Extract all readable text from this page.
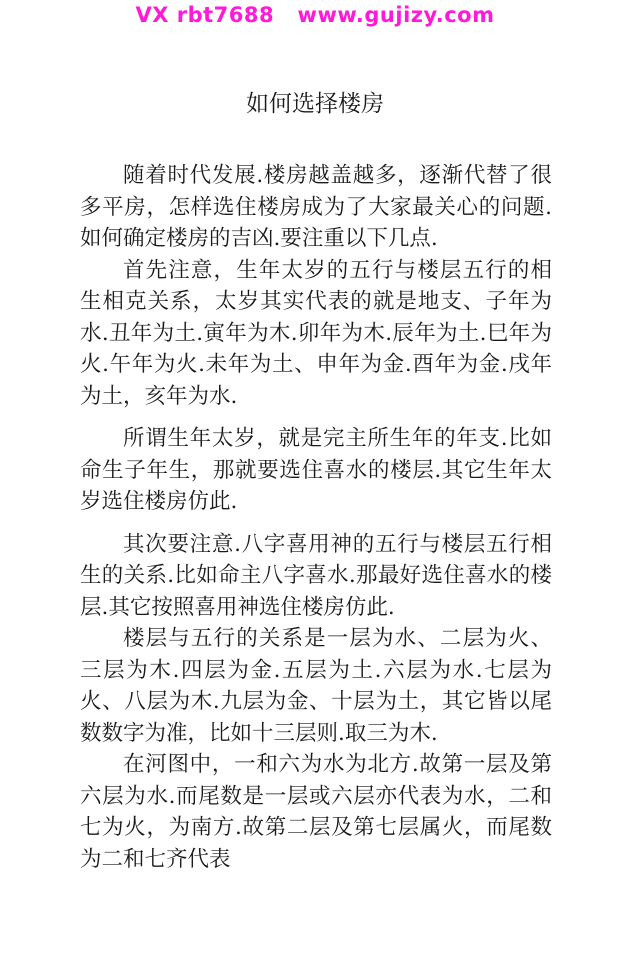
VX rbt7688   www.gujizy.com
如何选择楼房

随着时代发展.楼房越盖越多，逐渐代替了很多平房，怎样选住楼房成为了大家最关心的问题.如何确定楼房的吉凶.要注重以下几点.

首先注意，生年太岁的五行与楼层五行的相生相克关系，太岁其实代表的就是地支、子年为水.丑年为土.寅年为木.卯年为木.辰年为土.巳年为火.午年为火.未年为土、申年为金.酉年为金.戌年为土，亥年为水.

所谓生年太岁，就是完主所生年的年支.比如命生子年生，那就要选住喜水的楼层.其它生年太岁选住楼房仿此.

其次要注意.八字喜用神的五行与楼层五行相生的关系.比如命主八字喜水.那最好选住喜水的楼层.其它按照喜用神选住楼房仿此.

楼层与五行的关系是一层为水、二层为火、三层为木.四层为金.五层为土.六层为水.七层为火、八层为木.九层为金、十层为土，其它皆以尾数数字为准，比如十三层则.取三为木.

在河图中，一和六为水为北方.故第一层及第六层为水.而尾数是一层或六层亦代表为水，二和七为火，为南方.故第二层及第七层属火，而尾数为二和七齐代表
